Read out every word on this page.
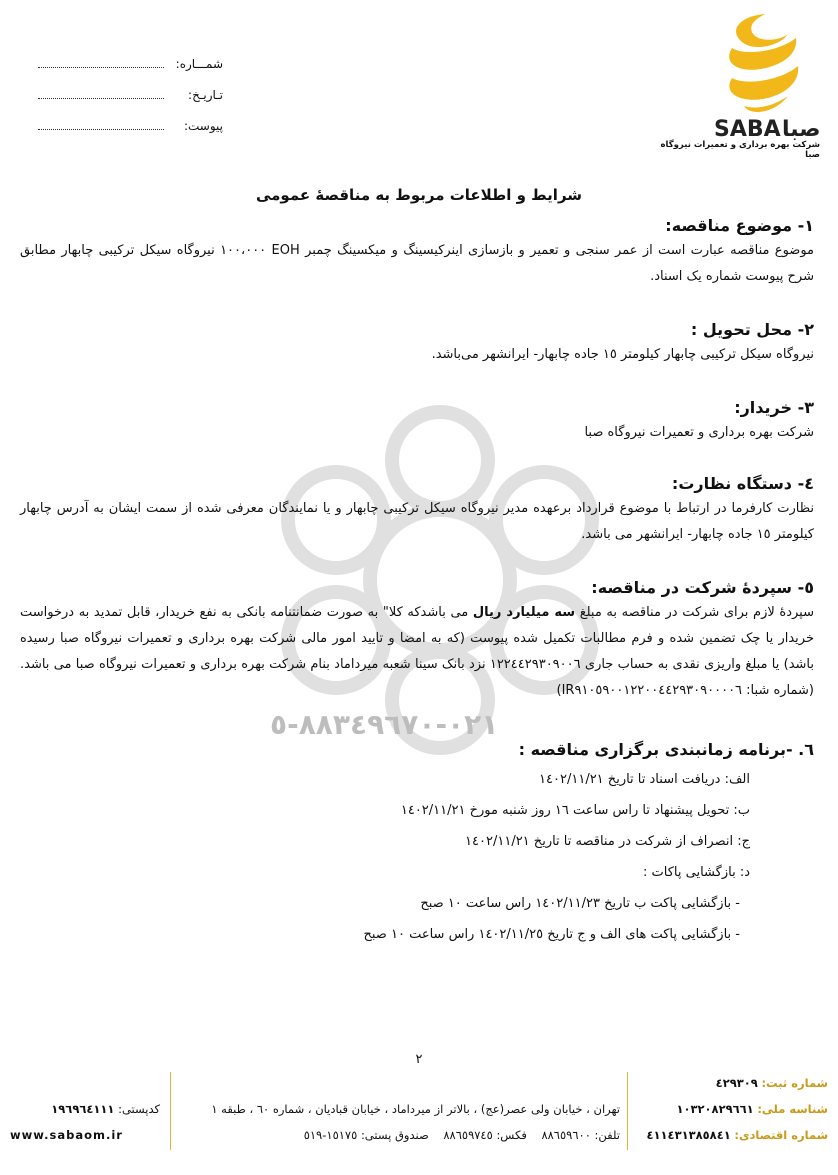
شمـــاره:
تـاریـخ:
پیوست:	SABA صبا
شرکت بهره برداری و تعمیرات نیروگاه صبا
شرایط و اطلاعات مربوط به مناقصهٔ عمومی
٠٢١-٨٨٣٤٩٦٧٠-٥
١- موضوع مناقصه:

موضوع مناقصه عبارت است از عمر سنجی و تعمیر و بازسازی اینرکیسینگ و میکسینگ چمبر EOH ١٠٠،٠٠٠ نیروگاه سیکل ترکیبی چابهار مطابق شرح پیوست شماره یک اسناد.

٢- محل تحویل :

نیروگاه سیکل ترکیبی چابهار کیلومتر ١٥ جاده چابهار- ایرانشهر می‌باشد.

٣- خریدار:

شرکت بهره برداری و تعمیرات نیروگاه صبا

٤- دستگاه نظارت:

نظارت کارفرما در ارتباط با موضوع قرارداد برعهده مدیر نیروگاه سیکل ترکیبی چابهار و یا نمایندگان معرفی شده از سمت ایشان به آدرس چابهار کیلومتر ١٥ جاده چابهار- ایرانشهر می باشد.

٥- سپردهٔ شرکت در مناقصه:

سپردهٔ لازم برای شرکت در مناقصه به مبلغ سه میلیارد ریال می باشدکه کلا" به صورت ضمانتنامه بانکی به نفع خریدار، قابل تمدید به درخواست خریدار یا چک تضمین شده و فرم مطالبات تکمیل شده پیوست (که به امضا و تایید امور مالی شرکت بهره برداری و تعمیرات نیروگاه صبا رسیده باشد) یا مبلغ واریزی نقدی به حساب جاری ١٢٢٤٤٢٩٣٠٩٠٠٦ نزد بانک سینا شعبه میرداماد بنام شرکت بهره برداری و تعمیرات نیروگاه صبا می باشد. (شماره شبا: IR٩١٠٥٩٠٠١٢٢٠٠٤٤٢٩٣٠٩٠٠٠٠٦)

٦. -برنامه زمانبندی برگزاری مناقصه :
الف: دریافت اسناد تا تاریخ ١٤٠٢/١١/٢١
ب: تحویل پیشنهاد تا راس ساعت ١٦ روز شنبه مورخ ١٤٠٢/١١/٢١
ج: انصراف از شرکت در مناقصه تا تاریخ ١٤٠٢/١١/٢١
د: بازگشایی پاکات :
- بازگشایی پاکت ب تاریخ ١٤٠٢/١١/٢٣ راس ساعت ١٠ صبح
- بازگشایی پاکت های الف و ج تاریخ ١٤٠٢/١١/٢٥ راس ساعت ١٠ صبح
٢
شماره ثبت: ٤٢٩٣٠٩
شناسه ملی: ١٠٣٢٠٨٢٩٦٦١
شماره اقتصادی: ٤١١٤٣١٣٨٥٨٤١
تهران ، خیابان ولی عصر(عج) ، بالاتر از میرداماد ، خیابان قبادیان ، شماره ٦٠ ، طبقه ١
تلفن: ٨٨٦٥٩٦٠٠    فکس: ٨٨٦٥٩٧٤٥    صندوق پستی: ١٥١٧٥-٥١٩
کدپستی: ١٩٦٩٦٤١١١
www.sabaom.ir
